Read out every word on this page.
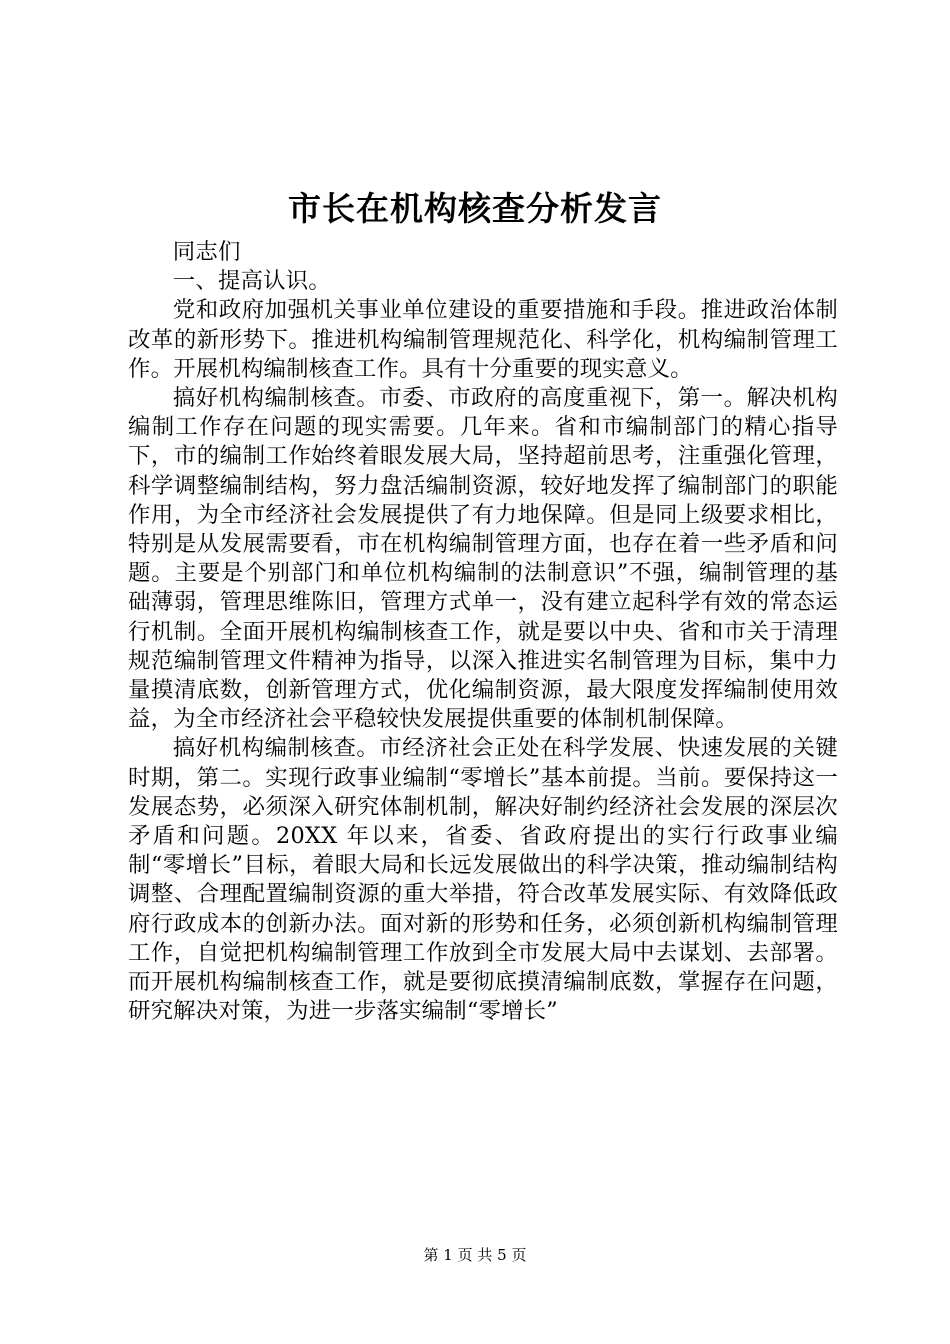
市长在机构核查分析发言

同志们

一、提高认识。

党和政府加强机关事业单位建设的重要措施和手段。推进政治体制改革的新形势下。推进机构编制管理规范化、科学化，机构编制管理工作。开展机构编制核查工作。具有十分重要的现实意义。

搞好机构编制核查。市委、市政府的高度重视下，第一。解决机构编制工作存在问题的现实需要。几年来。省和市编制部门的精心指导下，市的编制工作始终着眼发展大局，坚持超前思考，注重强化管理，科学调整编制结构，努力盘活编制资源，较好地发挥了编制部门的职能作用，为全市经济社会发展提供了有力地保障。但是同上级要求相比，特别是从发展需要看，市在机构编制管理方面，也存在着一些矛盾和问题。主要是个别部门和单位机构编制的法制意识”不强，编制管理的基础薄弱，管理思维陈旧，管理方式单一，没有建立起科学有效的常态运行机制。全面开展机构编制核查工作，就是要以中央、省和市关于清理规范编制管理文件精神为指导，以深入推进实名制管理为目标，集中力量摸清底数，创新管理方式，优化编制资源，最大限度发挥编制使用效益，为全市经济社会平稳较快发展提供重要的体制机制保障。

搞好机构编制核查。市经济社会正处在科学发展、快速发展的关键时期，第二。实现行政事业编制“零增长”基本前提。当前。要保持这一发展态势，必须深入研究体制机制，解决好制约经济社会发展的深层次矛盾和问题。20XX 年以来，省委、省政府提出的实行行政事业编制“零增长”目标，着眼大局和长远发展做出的科学决策，推动编制结构调整、合理配置编制资源的重大举措，符合改革发展实际、有效降低政府行政成本的创新办法。面对新的形势和任务，必须创新机构编制管理工作，自觉把机构编制管理工作放到全市发展大局中去谋划、去部署。而开展机构编制核查工作，就是要彻底摸清编制底数，掌握存在问题，研究解决对策，为进一步落实编制“零增长”

第 1 页 共 5 页
